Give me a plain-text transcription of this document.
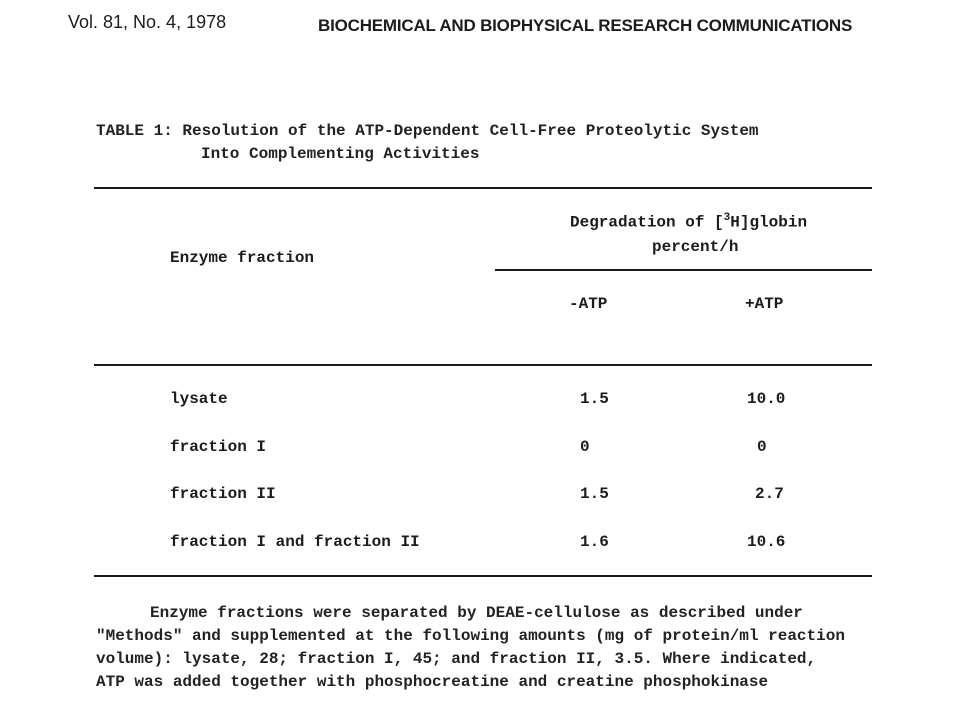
Vol. 81, No. 4, 1978	BIOCHEMICAL AND BIOPHYSICAL RESEARCH COMMUNICATIONS
TABLE 1: Resolution of the ATP-Dependent Cell-Free Proteolytic System
Into Complementing Activities
Enzyme fraction
Degradation of [$^3$H]globin
percent/h
-ATP	+ATP
lysate	1.5	10.0
fraction I	0	0
fraction II	1.5	2.7
fraction I and fraction II	1.6	10.6
Enzyme fractions were separated by DEAE-cellulose as described under
"Methods" and supplemented at the following amounts (mg of protein/ml reaction
volume): lysate, 28; fraction I, 45; and fraction II, 3.5. Where indicated,
ATP was added together with phosphocreatine and creatine phosphokinase
